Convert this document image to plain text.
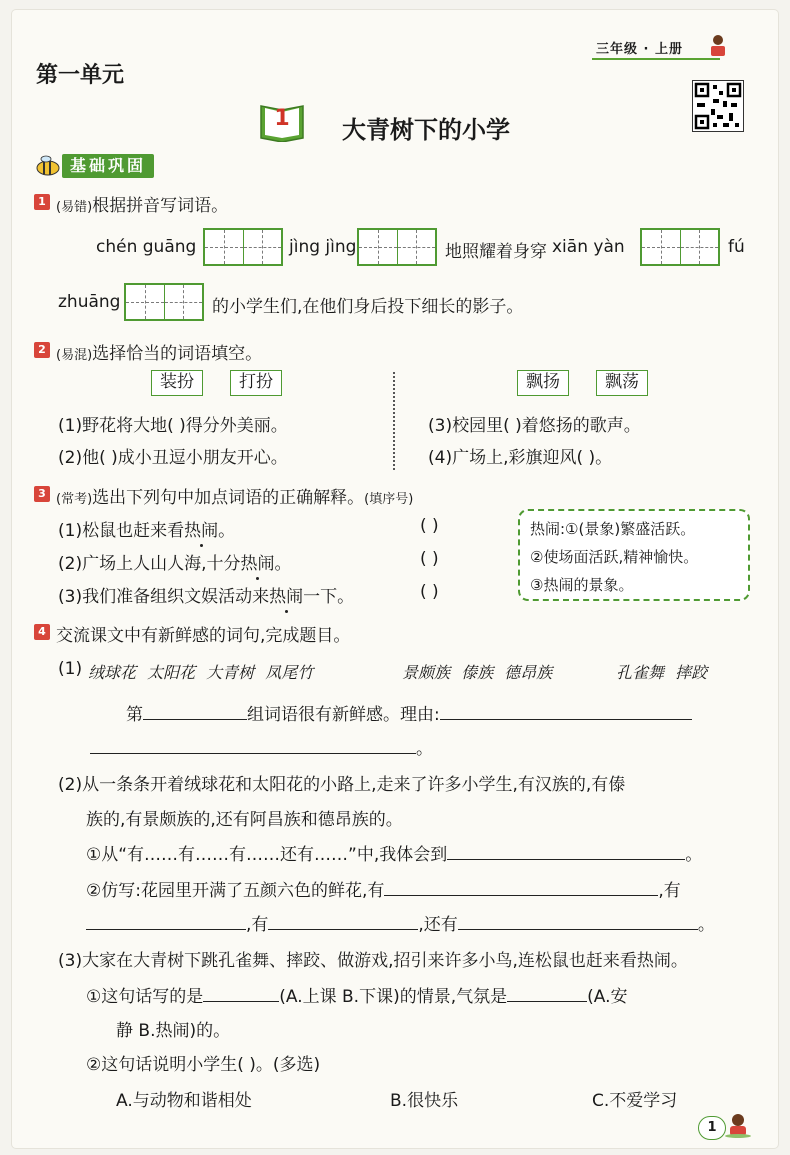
三年级 · 上册
第一单元
1	大青树下的小学
基础巩固
1 (易错)根据拼音写词语。
chén guāng	jìng jìng	地照耀着身穿 xiān yàn	fú
zhuāng	的小学生们,在他们身后投下细长的影子。
2 (易混)选择恰当的词语填空。
装扮	打扮	飘扬	飘荡
(1)野花将大地( )得分外美丽。
(2)他( )成小丑逗小朋友开心。
(3)校园里( )着悠扬的歌声。
(4)广场上,彩旗迎风( )。
3 (常考)选出下列句中加点词语的正确解释。(填序号)
(1)松鼠也赶来看热闹。	( )
(2)广场上人山人海,十分热闹。	( )
(3)我们准备组织文娱活动来热闹一下。	( )
热闹:①(景象)繁盛活跃。
②使场面活跃,精神愉快。
③热闹的景象。
4 交流课文中有新鲜感的词句,完成题目。
(1) 绒球花 太阳花 大青树 凤尾竹	景颇族 傣族 德昂族	孔雀舞 摔跤
第	组词语很有新鲜感。理由:
。
(2)从一条条开着绒球花和太阳花的小路上,走来了许多小学生,有汉族的,有傣
族的,有景颇族的,还有阿昌族和德昂族的。
①从“有……有……有……还有……”中,我体会到	。
②仿写:花园里开满了五颜六色的鲜花,有	,有
,有	,还有	。
(3)大家在大青树下跳孔雀舞、摔跤、做游戏,招引来许多小鸟,连松鼠也赶来看热闹。
①这句话写的是	(A.上课 B.下课)的情景,气氛是	(A.安
静 B.热闹)的。
②这句话说明小学生( )。(多选)
A.与动物和谐相处	B.很快乐	C.不爱学习
1
